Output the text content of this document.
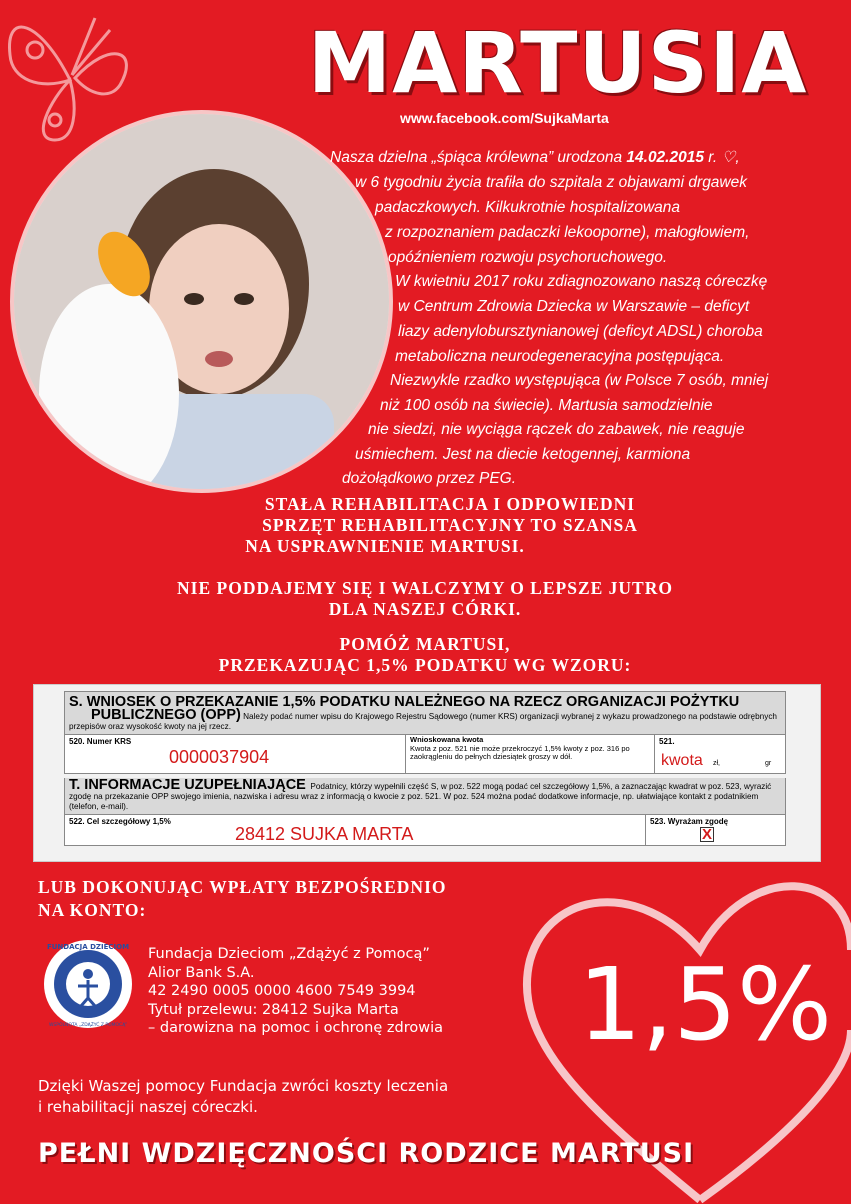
MARTUSIA
www.facebook.com/SujkaMarta

Nasza dzielna „śpiąca królewna” urodzona 14.02.2015 r. ♡,

w 6 tygodniu życia trafiła do szpitala z objawami drgawek

padaczkowych. Kilkukrotnie hospitalizowana

z rozpoznaniem padaczki lekooporne), małogłowiem,

opóźnieniem rozwoju psychoruchowego.

W kwietniu 2017 roku zdiagnozowano naszą córeczkę

w Centrum Zdrowia Dziecka w Warszawie – deficyt

liazy adenylobursztynianowej (deficyt ADSL) choroba

metaboliczna neurodegeneracyjna postępująca.

Niezwykle rzadko występująca (w Polsce 7 osób, mniej

niż 100 osób na świecie). Martusia samodzielnie

nie siedzi, nie wyciąga rączek do zabawek, nie reaguje

uśmiechem. Jest na diecie ketogennej, karmiona

dożołądkowo przez PEG.

STAŁA REHABILITACJA I ODPOWIEDNI
SPRZĘT REHABILITACYJNY TO SZANSA
NA USPRAWNIENIE MARTUSI.
NIE PODDAJEMY SIĘ I WALCZYMY O LEPSZE JUTRO
DLA NASZEJ CÓRKI.
POMÓŻ MARTUSI,
PRZEKAZUJĄC 1,5% PODATKU WG WZORU:
S. WNIOSEK O PRZEKAZANIE 1,5% PODATKU NALEŻNEGO NA RZECZ ORGANIZACJI POŻYTKU
PUBLICZNEGO (OPP) Należy podać numer wpisu do Krajowego Rejestru Sądowego (numer KRS) organizacji wybranej z wykazu prowadzonego na podstawie odrębnych przepisów oraz wysokość kwoty na jej rzecz.
520. Numer KRS
0000037904
Wnioskowana kwota
Kwota z poz. 521 nie może przekroczyć 1,5% kwoty z poz. 316 po zaokrągleniu do pełnych dziesiątek groszy w dół.
521.
kwota zł,	gr
T. INFORMACJE UZUPEŁNIAJĄCE Podatnicy, którzy wypełnili część S, w poz. 522 mogą podać cel szczegółowy 1,5%, a zaznaczając kwadrat w poz. 523, wyrazić zgodę na przekazanie OPP swojego imienia, nazwiska i adresu wraz z informacją o kwocie z poz. 521. W poz. 524 można podać dodatkowe informacje, np. ułatwiające kontakt z podatnikiem (telefon, e-mail).
522. Cel szczegółowy 1,5%
28412 SUJKA MARTA
523. Wyrażam zgodę
X
LUB DOKONUJĄC WPŁATY BEZPOŚREDNIO
NA KONTO:
FUNDACJA DZIECIOM
WSPÓLNOTA „ZDĄŻYĆ Z POMOCĄ”
Fundacja Dzieciom „Zdążyć z Pomocą”
Alior Bank S.A.
42 2490 0005 0000 4600 7549 3994
Tytuł przelewu: 28412 Sujka Marta
– darowizna na pomoc i ochronę zdrowia 1,5%
Dzięki Waszej pomocy Fundacja zwróci koszty leczenia
i rehabilitacji naszej córeczki.
PEŁNI WDZIĘCZNOŚCI RODZICE MARTUSI
